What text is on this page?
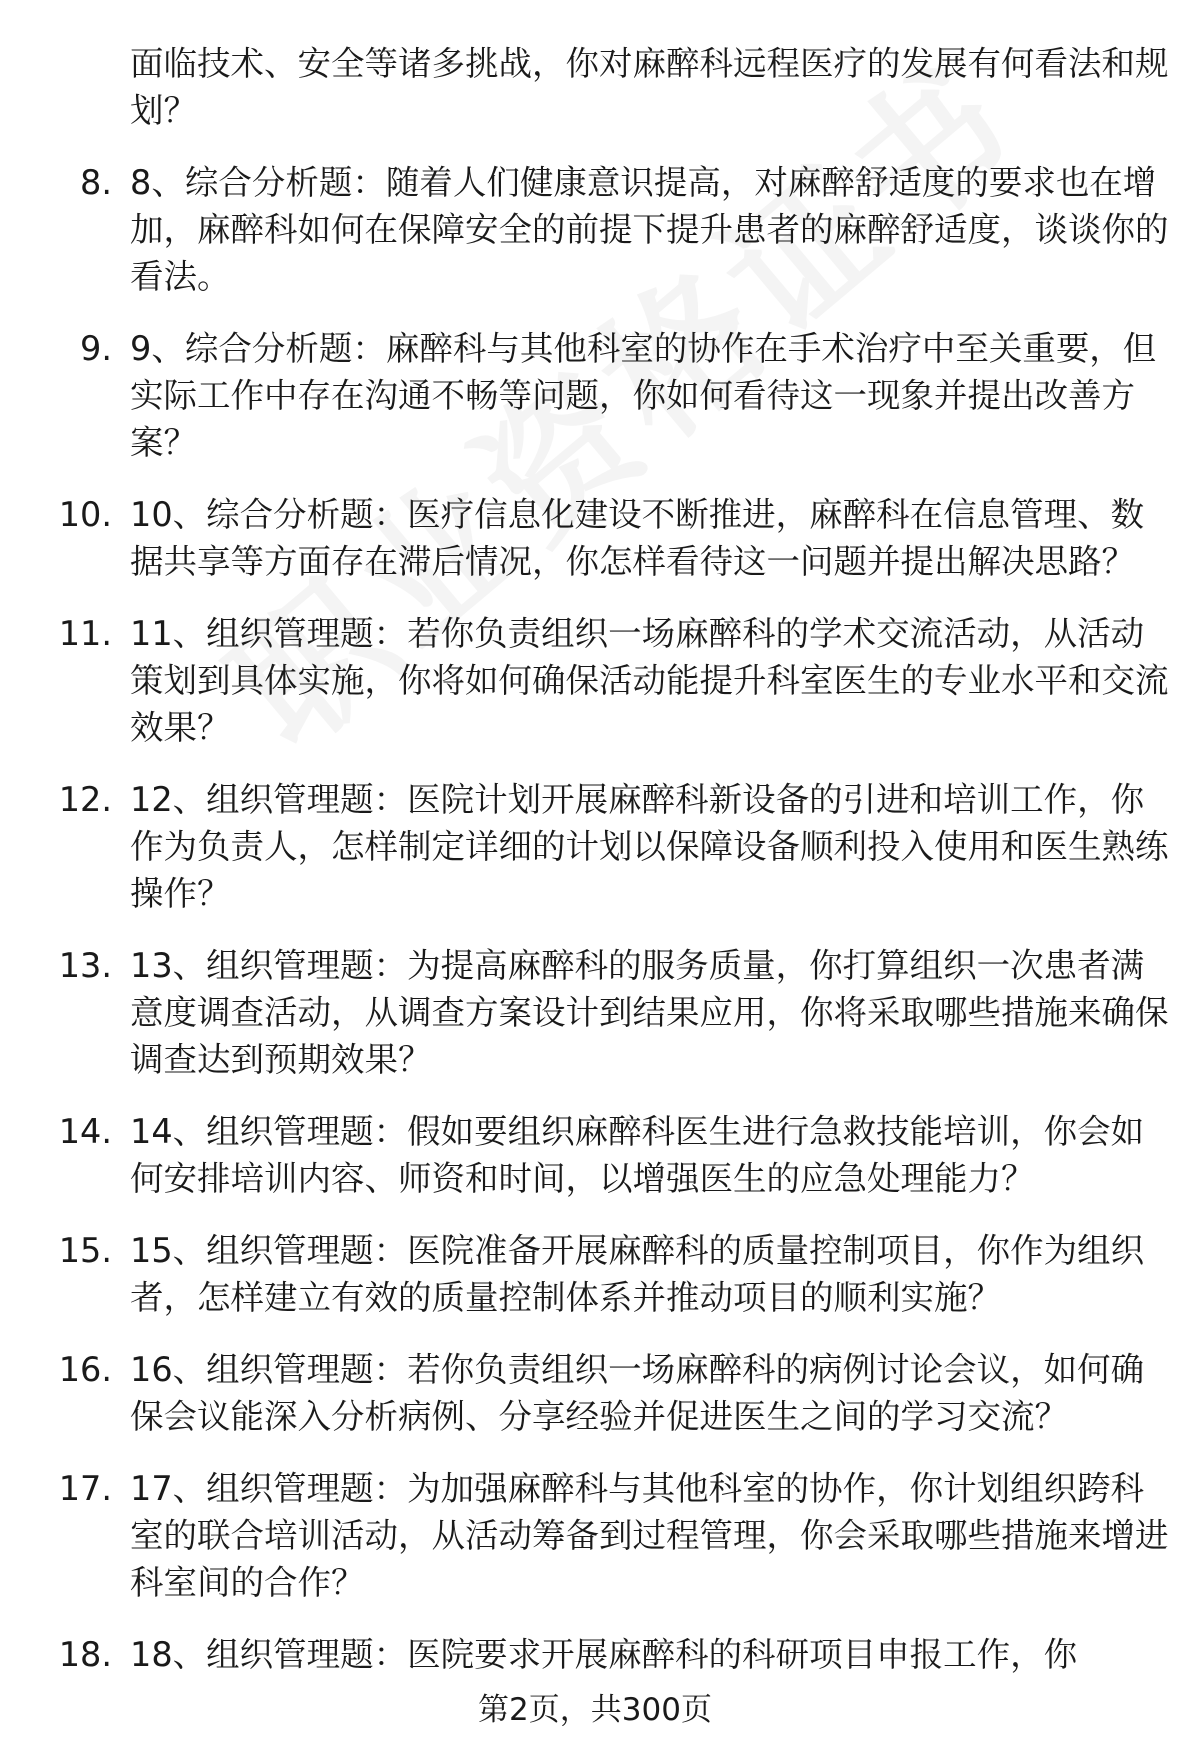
面临技术、安全等诸多挑战，你对麻醉科远程医疗的发展有何看法和规划？
8. 8、综合分析题：随着人们健康意识提高，对麻醉舒适度的要求也在增加，麻醉科如何在保障安全的前提下提升患者的麻醉舒适度，谈谈你的看法。
9. 9、综合分析题：麻醉科与其他科室的协作在手术治疗中至关重要，但实际工作中存在沟通不畅等问题，你如何看待这一现象并提出改善方案？
10. 10、综合分析题：医疗信息化建设不断推进，麻醉科在信息管理、数据共享等方面存在滞后情况，你怎样看待这一问题并提出解决思路？
11. 11、组织管理题：若你负责组织一场麻醉科的学术交流活动，从活动策划到具体实施，你将如何确保活动能提升科室医生的专业水平和交流效果？
12. 12、组织管理题：医院计划开展麻醉科新设备的引进和培训工作，你作为负责人，怎样制定详细的计划以保障设备顺利投入使用和医生熟练操作？
13. 13、组织管理题：为提高麻醉科的服务质量，你打算组织一次患者满意度调查活动，从调查方案设计到结果应用，你将采取哪些措施来确保调查达到预期效果？
14. 14、组织管理题：假如要组织麻醉科医生进行急救技能培训，你会如何安排培训内容、师资和时间，以增强医生的应急处理能力？
15. 15、组织管理题：医院准备开展麻醉科的质量控制项目，你作为组织者，怎样建立有效的质量控制体系并推动项目的顺利实施？
16. 16、组织管理题：若你负责组织一场麻醉科的病例讨论会议，如何确保会议能深入分析病例、分享经验并促进医生之间的学习交流？
17. 17、组织管理题：为加强麻醉科与其他科室的协作，你计划组织跨科室的联合培训活动，从活动筹备到过程管理，你会采取哪些措施来增进科室间的合作？
18. 18、组织管理题：医院要求开展麻醉科的科研项目申报工作，你
第2页，共300页
